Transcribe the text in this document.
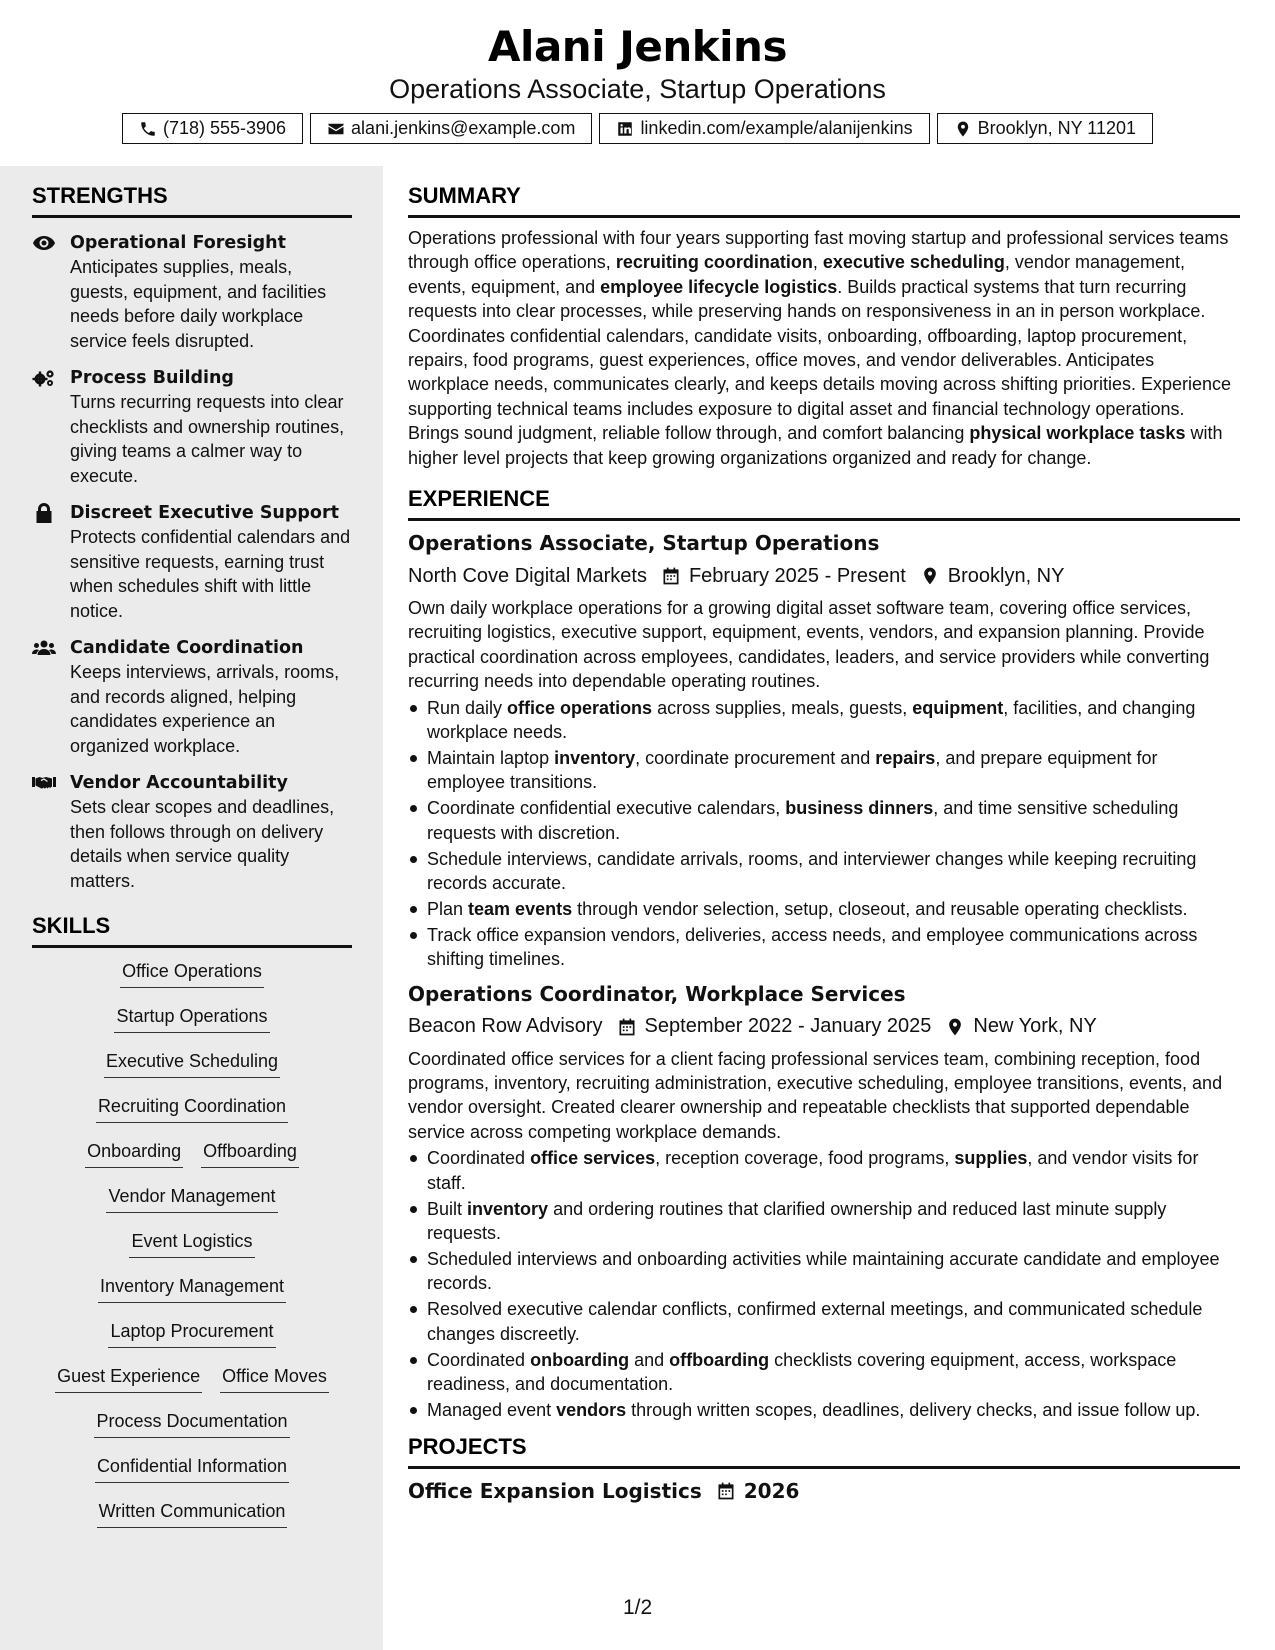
Alani Jenkins
Operations Associate, Startup Operations
(718) 555-3906	alani.jenkins@example.com	linkedin.com/example/alanijenkins	Brooklyn, NY 11201
STRENGTHS
Operational Foresight
Anticipates supplies, meals, guests, equipment, and facilities needs before daily workplace service feels disrupted.
Process Building
Turns recurring requests into clear checklists and ownership routines, giving teams a calmer way to execute.
Discreet Executive Support
Protects confidential calendars and sensitive requests, earning trust when schedules shift with little notice.
Candidate Coordination
Keeps interviews, arrivals, rooms, and records aligned, helping candidates experience an organized workplace.
Vendor Accountability
Sets clear scopes and deadlines, then follows through on delivery details when service quality matters.
SKILLS
Office Operations
Startup Operations
Executive Scheduling
Recruiting Coordination
Onboarding Offboarding
Vendor Management
Event Logistics
Inventory Management
Laptop Procurement
Guest Experience Office Moves
Process Documentation
Confidential Information
Written Communication
SUMMARY

Operations professional with four years supporting fast moving startup and professional services teams through office operations, recruiting coordination, executive scheduling, vendor management, events, equipment, and employee lifecycle logistics. Builds practical systems that turn recurring requests into clear processes, while preserving hands on responsiveness in an in person workplace. Coordinates confidential calendars, candidate visits, onboarding, offboarding, laptop procurement, repairs, food programs, guest experiences, office moves, and vendor deliverables. Anticipates workplace needs, communicates clearly, and keeps details moving across shifting priorities. Experience supporting technical teams includes exposure to digital asset and financial technology operations. Brings sound judgment, reliable follow through, and comfort balancing physical workplace tasks with higher level projects that keep growing organizations organized and ready for change.

EXPERIENCE
Operations Associate, Startup Operations
North Cove Digital Markets February 2025 - Present Brooklyn, NY

Own daily workplace operations for a growing digital asset software team, covering office services, recruiting logistics, executive support, equipment, events, vendors, and expansion planning. Provide practical coordination across employees, candidates, leaders, and service providers while converting recurring needs into dependable operating routines.

Run daily office operations across supplies, meals, guests, equipment, facilities, and changing workplace needs.
Maintain laptop inventory, coordinate procurement and repairs, and prepare equipment for employee transitions.
Coordinate confidential executive calendars, business dinners, and time sensitive scheduling requests with discretion.
Schedule interviews, candidate arrivals, rooms, and interviewer changes while keeping recruiting records accurate.
Plan team events through vendor selection, setup, closeout, and reusable operating checklists.
Track office expansion vendors, deliveries, access needs, and employee communications across shifting timelines.
Operations Coordinator, Workplace Services
Beacon Row Advisory September 2022 - January 2025 New York, NY

Coordinated office services for a client facing professional services team, combining reception, food programs, inventory, recruiting administration, executive scheduling, employee transitions, events, and vendor oversight. Created clearer ownership and repeatable checklists that supported dependable service across competing workplace demands.

Coordinated office services, reception coverage, food programs, supplies, and vendor visits for staff.
Built inventory and ordering routines that clarified ownership and reduced last minute supply requests.
Scheduled interviews and onboarding activities while maintaining accurate candidate and employee records.
Resolved executive calendar conflicts, confirmed external meetings, and communicated schedule changes discreetly.
Coordinated onboarding and offboarding checklists covering equipment, access, workspace readiness, and documentation.
Managed event vendors through written scopes, deadlines, delivery checks, and issue follow up.
PROJECTS
Office Expansion Logistics 2026
1/2
